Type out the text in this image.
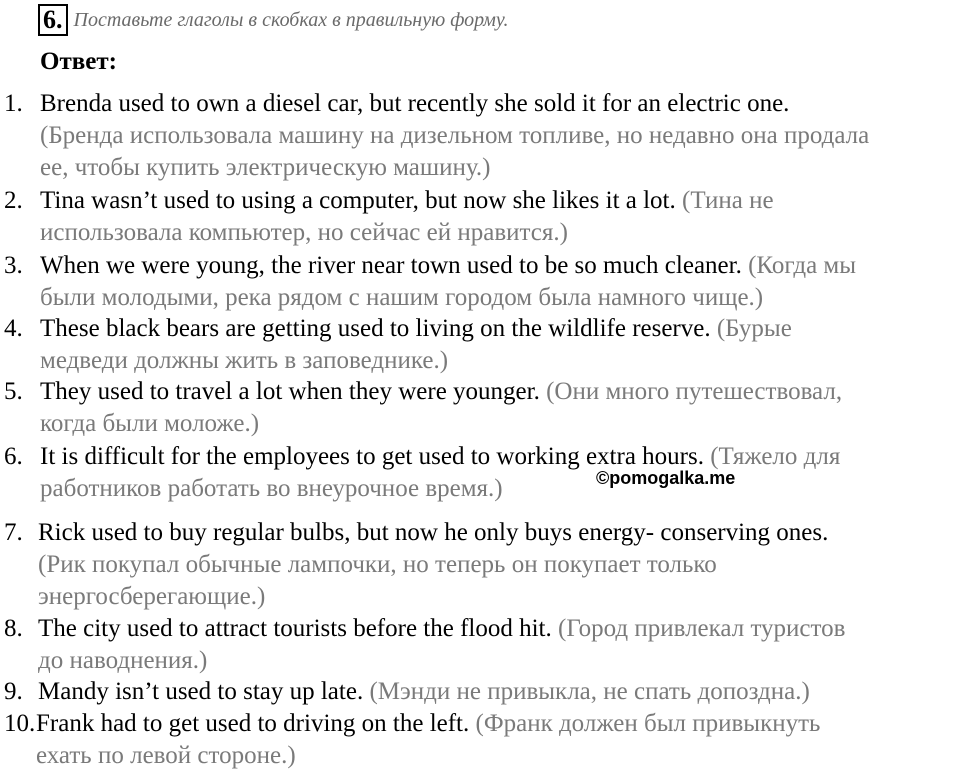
6. Поставьте глаголы в скобках в правильную форму.
Ответ:
1. Brenda used to own a diesel car, but recently she sold it for an electric one.
(Бренда использовала машину на дизельном топливе, но недавно она продала
ее, чтобы купить электрическую машину.)
2. Tina wasn’t used to using a computer, but now she likes it a lot. (Тина не
использовала компьютер, но сейчас ей нравится.)
3. When we were young, the river near town used to be so much cleaner. (Когда мы
были молодыми, река рядом с нашим городом была намного чище.)
4. These black bears are getting used to living on the wildlife reserve. (Бурые
медведи должны жить в заповеднике.)
5. They used to travel a lot when they were younger. (Они много путешествовал,
когда были моложе.)
6. It is difficult for the employees to get used to working extra hours. (Тяжело для
работников работать во внеурочное время.)
7. Rick used to buy regular bulbs, but now he only buys energy- conserving ones.
(Рик покупал обычные лампочки, но теперь он покупает только
энергосберегающие.)
8. The city used to attract tourists before the flood hit. (Город привлекал туристов
до наводнения.)
9. Mandy isn’t used to stay up late. (Мэнди не привыкла, не спать допоздна.)
10. Frank had to get used to driving on the left. (Франк должен был привыкнуть
ехать по левой стороне.)
©pomogalka.me
